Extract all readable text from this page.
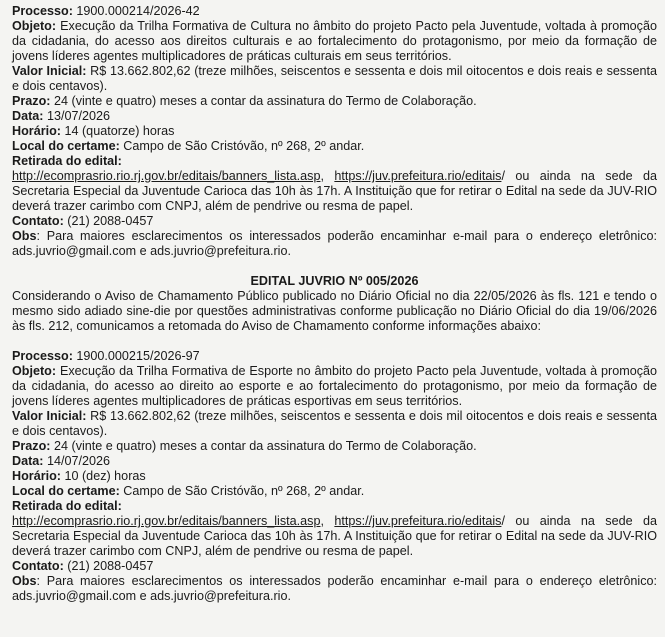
Processo: 1900.000214/2026-42

Objeto: Execução da Trilha Formativa de Cultura no âmbito do projeto Pacto pela Juventude, voltada à promoção da cidadania, do acesso aos direitos culturais e ao fortalecimento do protagonismo, por meio da formação de jovens líderes agentes multiplicadores de práticas culturais em seus territórios.

Valor Inicial: R$ 13.662.802,62 (treze milhões, seiscentos e sessenta e dois mil oitocentos e dois reais e sessenta e dois centavos).

Prazo: 24 (vinte e quatro) meses a contar da assinatura do Termo de Colaboração.

Data: 13/07/2026

Horário: 14 (quatorze) horas

Local do certame: Campo de São Cristóvão, nº 268, 2º andar.

Retirada do edital:

http://ecomprasrio.rio.rj.gov.br/editais/banners_lista.asp, https://juv.prefeitura.rio/editais/ ou ainda na sede da Secretaria Especial da Juventude Carioca das 10h às 17h. A Instituição que for retirar o Edital na sede da JUV-RIO deverá trazer carimbo com CNPJ, além de pendrive ou resma de papel.

Contato: (21) 2088-0457

Obs: Para maiores esclarecimentos os interessados poderão encaminhar e-mail para o endereço eletrônico: ads.juvrio@gmail.com e ads.juvrio@prefeitura.rio.

EDITAL JUVRIO Nº 005/2026

Considerando o Aviso de Chamamento Público publicado no Diário Oficial no dia 22/05/2026 às fls. 121 e tendo o mesmo sido adiado sine-die por questões administrativas conforme publicação no Diário Oficial do dia 19/06/2026 às fls. 212, comunicamos a retomada do Aviso de Chamamento conforme informações abaixo:

Processo: 1900.000215/2026-97

Objeto: Execução da Trilha Formativa de Esporte no âmbito do projeto Pacto pela Juventude, voltada à promoção da cidadania, do acesso ao direito ao esporte e ao fortalecimento do protagonismo, por meio da formação de jovens líderes agentes multiplicadores de práticas esportivas em seus territórios.

Valor Inicial: R$ 13.662.802,62 (treze milhões, seiscentos e sessenta e dois mil oitocentos e dois reais e sessenta e dois centavos).

Prazo: 24 (vinte e quatro) meses a contar da assinatura do Termo de Colaboração.

Data: 14/07/2026

Horário: 10 (dez) horas

Local do certame: Campo de São Cristóvão, nº 268, 2º andar.

Retirada do edital:

http://ecomprasrio.rio.rj.gov.br/editais/banners_lista.asp, https://juv.prefeitura.rio/editais/ ou ainda na sede da Secretaria Especial da Juventude Carioca das 10h às 17h. A Instituição que for retirar o Edital na sede da JUV-RIO deverá trazer carimbo com CNPJ, além de pendrive ou resma de papel.

Contato: (21) 2088-0457

Obs: Para maiores esclarecimentos os interessados poderão encaminhar e-mail para o endereço eletrônico: ads.juvrio@gmail.com e ads.juvrio@prefeitura.rio.
